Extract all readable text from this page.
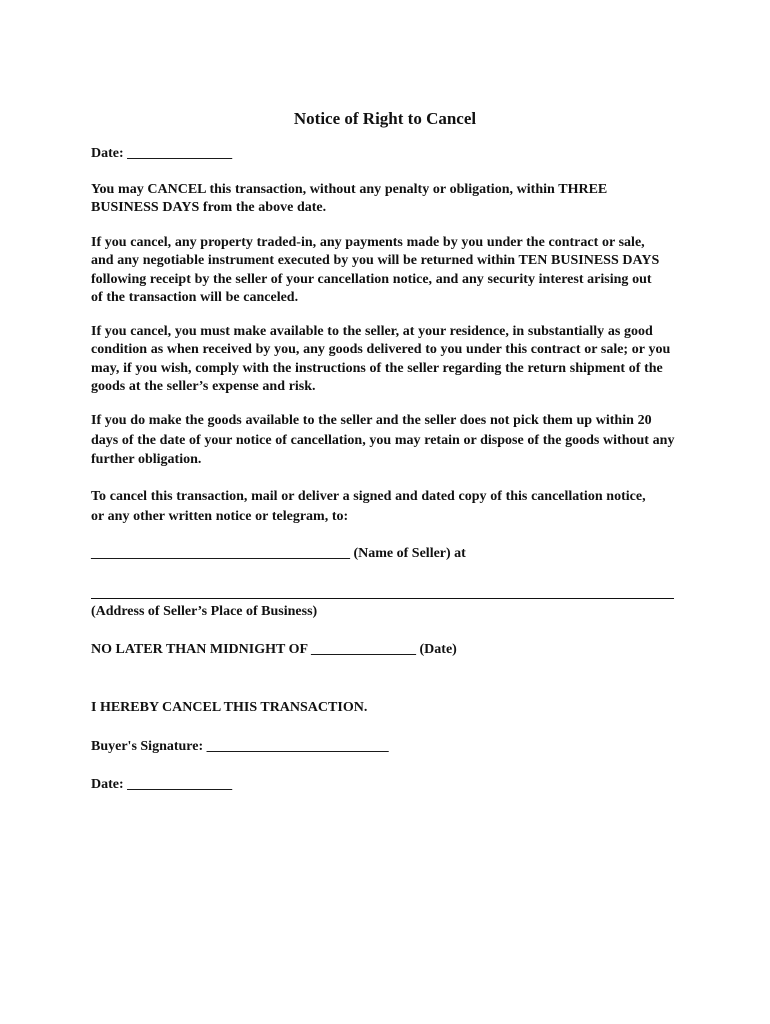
Notice of Right to Cancel

Date: _______________

You may CANCEL this transaction, without any penalty or obligation, within THREE BUSINESS DAYS from the above date.

If you cancel, any property traded-in, any payments made by you under the contract or sale, and any negotiable instrument executed by you will be returned within TEN BUSINESS DAYS following receipt by the seller of your cancellation notice, and any security interest arising out of the transaction will be canceled.

If you cancel, you must make available to the seller, at your residence, in substantially as good condition as when received by you, any goods delivered to you under this contract or sale; or you may, if you wish, comply with the instructions of the seller regarding the return shipment of the goods at the seller’s expense and risk.

If you do make the goods available to the seller and the seller does not pick them up within 20 days of the date of your notice of cancellation, you may retain or dispose of the goods without any further obligation.

To cancel this transaction, mail or deliver a signed and dated copy of this cancellation notice, or any other written notice or telegram, to:

_____________________________________ (Name of Seller) at

(Address of Seller’s Place of Business)

NO LATER THAN MIDNIGHT OF _______________ (Date)

I HEREBY CANCEL THIS TRANSACTION.

Buyer's Signature: __________________________

Date: _______________
